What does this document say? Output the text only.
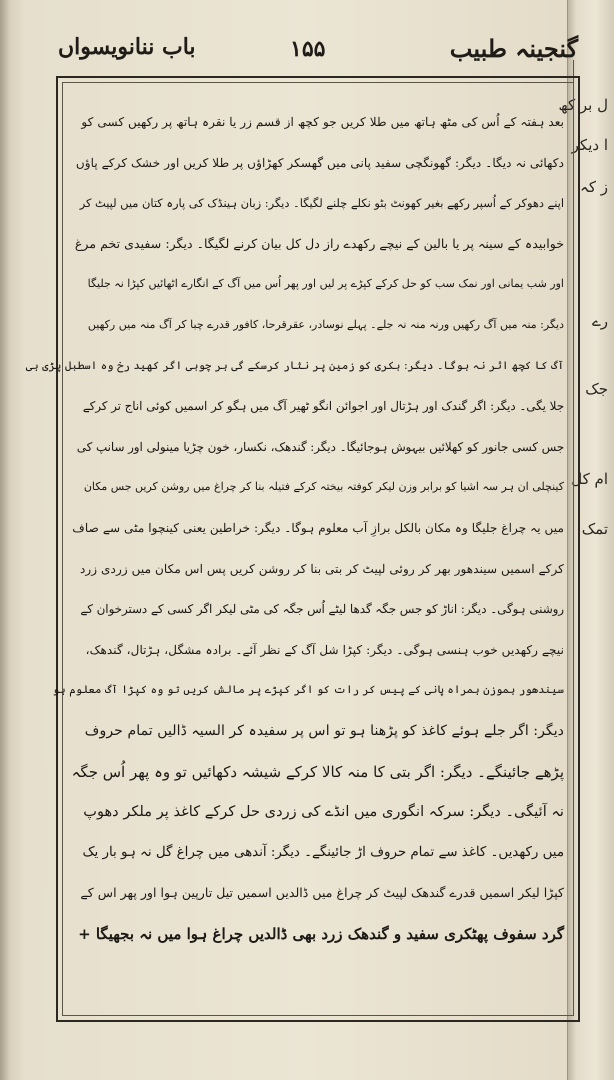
ل بر کھ
ا دیکر
ز کہ
رے
جک
ام کل
تمک
گنجینہ طبیب
۱۵۵
باب ننانویسواں
بعد ہفتہ کے اُس کی مٹھ ہاتھ میں طلا کریں جو کچھ از قسم زر یا نقرہ ہاتھ پر رکھیں کسی کو
دکھائی نہ دیگا۔ دیگر: گھونگچی سفید پانی میں گھسکر کھڑاؤں پر طلا کریں اور خشک کرکے پاؤں
اپنے دھوکر کے اُسپر رکھے بغیر کھونٹ بٹو نکلے چلنے لگیگا۔ دیگر: زبان ہینڈک کی پارہ کتان میں لپیٹ کر
خوابیدہ کے سینہ پر یا بالین کے نیچے رکھدے راز دل کل بیان کرنے لگیگا۔ دیگر: سفیدی تخم مرغ
اور شب یمانی اور نمک سب کو حل کرکے کپڑے پر لیں اور پھر اُس میں آگ کے انگارے اٹھائیں کپڑا نہ جلیگا
دیگر: منہ میں آگ رکھیں ورنہ منہ نہ جلے۔ پہلے نوسادر، عقرقرحا، کافور قدرے چبا کر آگ منہ میں رکھیں
آگ کا کچھ اثر نہ ہوگا۔ دیگر: بکری کو زمین پر نثار کرسکے گی ہر چوبی اگر کھید رخ وہ اسطبل پڑی ہی
جلا یگی۔ دیگر: اگر گندک اور ہڑتال اور اجوائن انگو ٹھیر آگ میں ہگو کر اسمیں کوئی اناج تر کرکے
جس کسی جانور کو کھلائیں بیہوش ہوجائیگا۔ دیگر: گندھک، نکسار، خون چڑیا مینولی اور سانپ کی
کینچلی ان ہر سہ اشیا کو برابر وزن لیکر کوفتہ بیختہ کرکے فتیلہ بنا کر چراغ میں روشن کریں جس مکان
میں یہ چراغ جلیگا وہ مکان بالکل برازِ آب معلوم ہوگا۔ دیگر: خراطین یعنی کینچوا مٹی سے صاف
کرکے اسمیں سیندھور بھر کر روئی لپیٹ کر بتی بنا کر روشن کریں پس اس مکان میں زردی زرد
روشنی ہوگی۔ دیگر: اناڑ کو جس جگہ گدھا لیٹے اُس جگہ کی مٹی لیکر اگر کسی کے دسترخوان کے
نیچے رکھدیں خوب ہنسی ہوگی۔ دیگر: کپڑا شل آگ کے نظر آئے۔ برادہ مشگل، ہڑتال، گندھک،
سیندھور ہموزن ہمراہ پانی کے پیس کر رات کو اگر کپڑے پر مالش کریں تو وہ کپڑا آگ معلوم ہو
دیگر: اگر جلے ہوئے کاغذ کو پڑھنا ہو تو اس پر سفیدہ کر السیہ ڈالیں تمام حروف
پڑھے جائینگے۔ دیگر: اگر بتی کا منہ کالا کرکے شیشہ دکھائیں تو وہ پھر اُس جگہ
نہ آئیگی۔ دیگر: سرکہ انگوری میں انڈے کی زردی حل کرکے کاغذ پر ملکر دھوپ
میں رکھدیں۔ کاغذ سے تمام حروف اڑ جائینگے۔ دیگر: آندھی میں چراغ گل نہ ہو بار یک
کپڑا لیکر اسمیں قدرے گندھک لپیٹ کر چراغ میں ڈالدیں اسمیں تیل تارپین ہوا اور پھر اس کے
گرد سفوف پھٹکری سفید و گندھک زرد بھی ڈالدیں چراغ ہوا میں نہ بجھیگا +
